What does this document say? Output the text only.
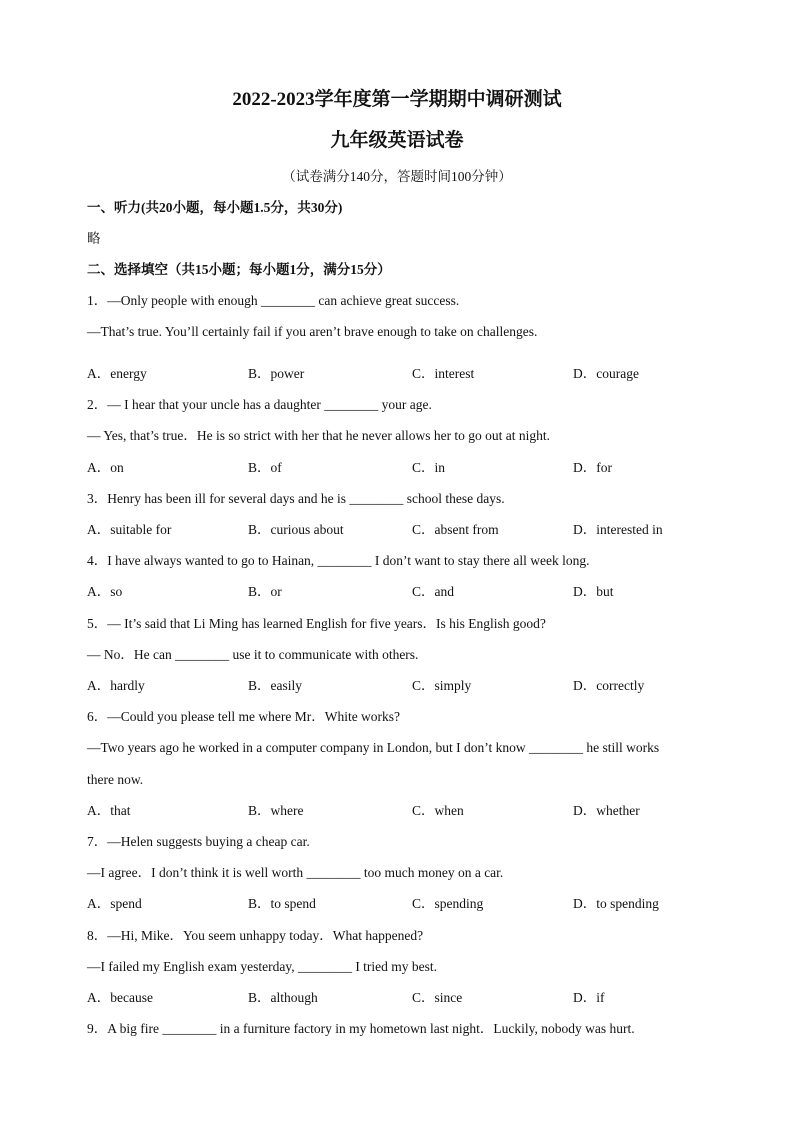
2022-2023学年度第一学期期中调研测试
九年级英语试卷
（试卷满分140分，答题时间100分钟）
一、听力(共20小题，每小题1.5分，共30分)
略
二、选择填空（共15小题；每小题1分，满分15分）
1．—Only people with enough ________ can achieve great success.
—That’s true. You’ll certainly fail if you aren’t brave enough to take on challenges.
A．energy	B．power	C．interest	D．courage
2．— I hear that your uncle has a daughter ________ your age.
— Yes, that’s true．He is so strict with her that he never allows her to go out at night.
A．on	B．of	C．in	D．for
3．Henry has been ill for several days and he is ________ school these days.
A．suitable for	B．curious about	C．absent from	D．interested in
4．I have always wanted to go to Hainan, ________ I don’t want to stay there all week long.
A．so	B．or	C．and	D．but
5．— It’s said that Li Ming has learned English for five years．Is his English good?
— No．He can ________ use it to communicate with others.
A．hardly	B．easily	C．simply	D．correctly
6．—Could you please tell me where Mr．White works?
—Two years ago he worked in a computer company in London, but I don’t know ________ he still works
there now.
A．that	B．where	C．when	D．whether
7．—Helen suggests buying a cheap car.
—I agree．I don’t think it is well worth ________ too much money on a car.
A．spend	B．to spend	C．spending	D．to spending
8．—Hi, Mike．You seem unhappy today．What happened?
—I failed my English exam yesterday, ________ I tried my best.
A．because	B．although	C．since	D．if
9．A big fire ________ in a furniture factory in my hometown last night．Luckily, nobody was hurt.
